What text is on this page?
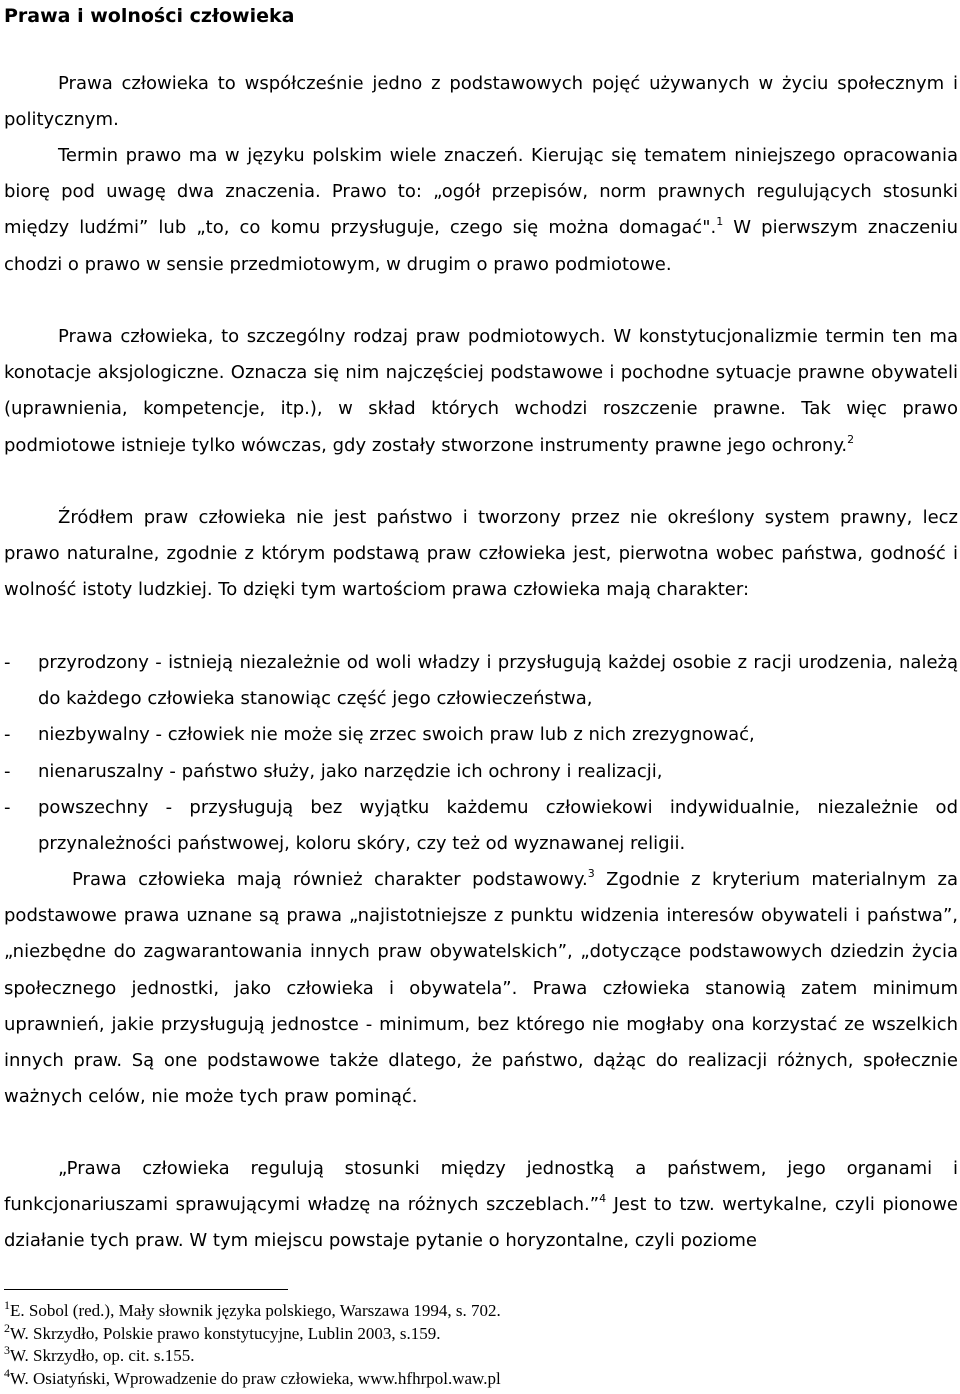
Prawa i wolności człowieka

Prawa człowieka to współcześnie jedno z podstawowych pojęć używanych w życiu społecznym i politycznym.

Termin prawo ma w języku polskim wiele znaczeń. Kierując się tematem niniejszego opracowania biorę pod uwagę dwa znaczenia. Prawo to: „ogół przepisów, norm prawnych regulujących stosunki między ludźmi” lub „to, co komu przysługuje, czego się można domagać".$^1$ W pierwszym znaczeniu chodzi o prawo w sensie przedmiotowym, w drugim o prawo podmiotowe.

Prawa człowieka, to szczególny rodzaj praw podmiotowych. W konstytucjonalizmie termin ten ma konotacje aksjologiczne. Oznacza się nim najczęściej podstawowe i pochodne sytuacje prawne obywateli (uprawnienia, kompetencje, itp.), w skład których wchodzi roszczenie prawne. Tak więc prawo podmiotowe istnieje tylko wówczas, gdy zostały stworzone instrumenty prawne jego ochrony.$^2$

Źródłem praw człowieka nie jest państwo i tworzony przez nie określony system prawny, lecz prawo naturalne, zgodnie z którym podstawą praw człowieka jest, pierwotna wobec państwa, godność i wolność istoty ludzkiej. To dzięki tym wartościom prawa człowieka mają charakter:

- przyrodzony - istnieją niezależnie od woli władzy i przysługują każdej osobie z racji urodzenia, należą do każdego człowieka stanowiąc część jego człowieczeństwa,
- niezbywalny - człowiek nie może się zrzec swoich praw lub z nich zrezygnować,
- nienaruszalny - państwo służy, jako narzędzie ich ochrony i realizacji,
- powszechny - przysługują bez wyjątku każdemu człowiekowi indywidualnie, niezależnie od przynależności państwowej, koloru skóry, czy też od wyznawanej religii.

Prawa człowieka mają również charakter podstawowy.$^3$ Zgodnie z kryterium materialnym za podstawowe prawa uznane są prawa „najistotniejsze z punktu widzenia interesów obywateli i państwa”, „niezbędne do zagwarantowania innych praw obywatelskich”, „dotyczące podstawowych dziedzin życia społecznego jednostki, jako człowieka i obywatela”. Prawa człowieka stanowią zatem minimum uprawnień, jakie przysługują jednostce - minimum, bez którego nie mogłaby ona korzystać ze wszelkich innych praw. Są one podstawowe także dlatego, że państwo, dążąc do realizacji różnych, społecznie ważnych celów, nie może tych praw pominąć.

„Prawa człowieka regulują stosunki między jednostką a państwem, jego organami i funkcjonariuszami sprawującymi władzę na różnych szczeblach.”$^4$ Jest to tzw. wertykalne, czyli pionowe działanie tych praw. W tym miejscu powstaje pytanie o horyzontalne, czyli poziome

$^1$E. Sobol (red.), Mały słownik języka polskiego, Warszawa 1994, s. 702.
$^2$W. Skrzydło, Polskie prawo konstytucyjne, Lublin 2003, s.159.
$^3$W. Skrzydło, op. cit. s.155.
$^4$W. Osiatyński, Wprowadzenie do praw człowieka, www.hfhrpol.waw.pl
